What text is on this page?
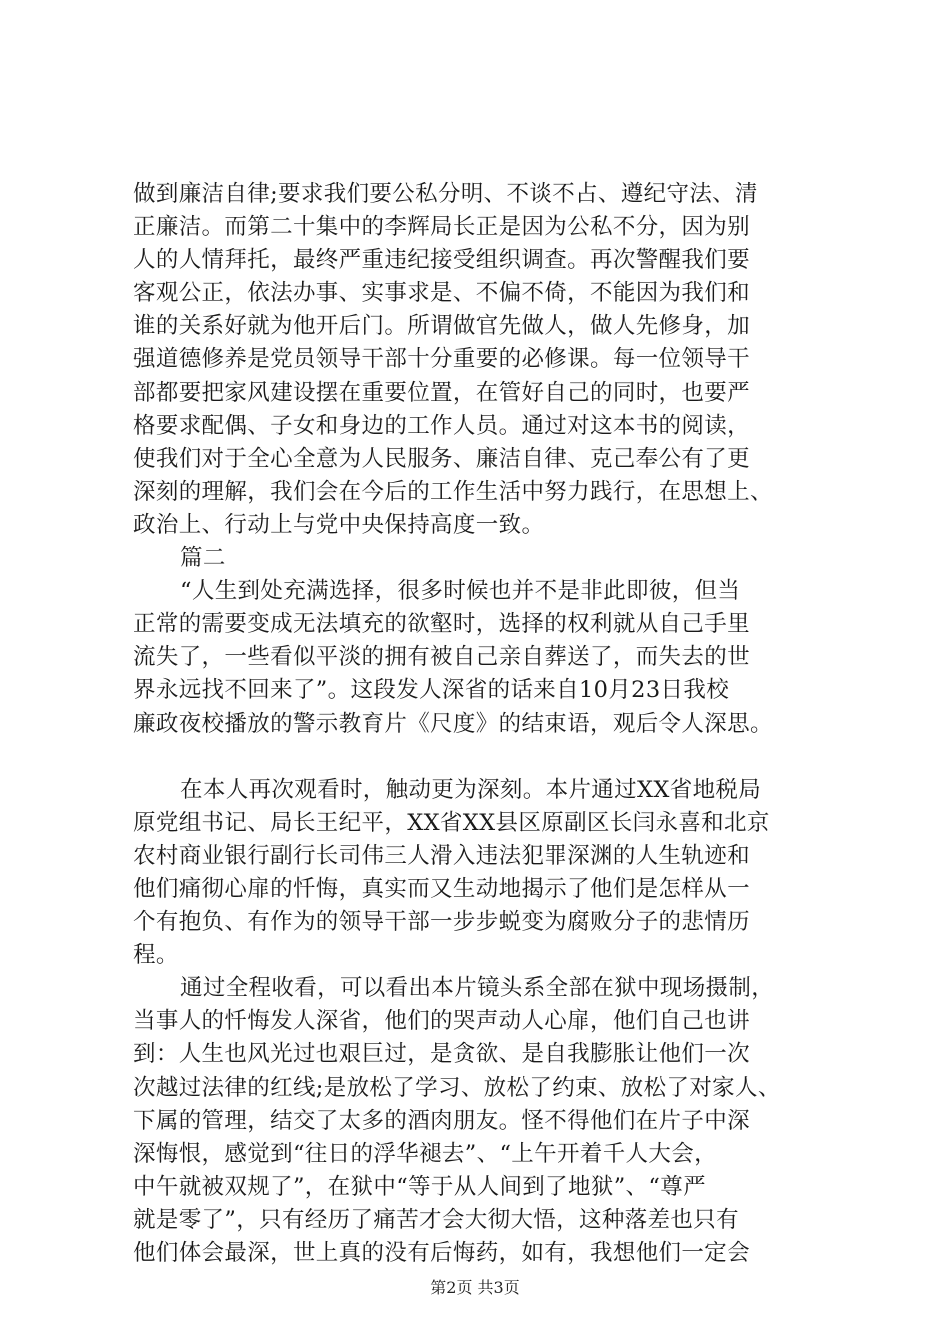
做到廉洁自律;要求我们要公私分明、不谈不占、遵纪守法、清
正廉洁。而第二十集中的李辉局长正是因为公私不分，因为别
人的人情拜托，最终严重违纪接受组织调查。再次警醒我们要
客观公正，依法办事、实事求是、不偏不倚，不能因为我们和
谁的关系好就为他开后门。所谓做官先做人，做人先修身，加
强道德修养是党员领导干部十分重要的必修课。每一位领导干
部都要把家风建设摆在重要位置，在管好自己的同时，也要严
格要求配偶、子女和身边的工作人员。通过对这本书的阅读，
使我们对于全心全意为人民服务、廉洁自律、克己奉公有了更
深刻的理解，我们会在今后的工作生活中努力践行，在思想上、
政治上、行动上与党中央保持高度一致。
篇二
“人生到处充满选择，很多时候也并不是非此即彼，但当
正常的需要变成无法填充的欲壑时，选择的权利就从自己手里
流失了，一些看似平淡的拥有被自己亲自葬送了，而失去的世
界永远找不回来了”。这段发人深省的话来自10月23日我校
廉政夜校播放的警示教育片《尺度》的结束语，观后令人深思。
在本人再次观看时，触动更为深刻。本片通过XX省地税局
原党组书记、局长王纪平，XX省XX县区原副区长闫永喜和北京
农村商业银行副行长司伟三人滑入违法犯罪深渊的人生轨迹和
他们痛彻心扉的忏悔，真实而又生动地揭示了他们是怎样从一
个有抱负、有作为的领导干部一步步蜕变为腐败分子的悲情历
程。
通过全程收看，可以看出本片镜头系全部在狱中现场摄制，
当事人的忏悔发人深省，他们的哭声动人心扉，他们自己也讲
到：人生也风光过也艰巨过，是贪欲、是自我膨胀让他们一次
次越过法律的红线;是放松了学习、放松了约束、放松了对家人、
下属的管理，结交了太多的酒肉朋友。怪不得他们在片子中深
深悔恨，感觉到“往日的浮华褪去”、“上午开着千人大会，
中午就被双规了”，在狱中“等于从人间到了地狱”、“尊严
就是零了”，只有经历了痛苦才会大彻大悟，这种落差也只有
他们体会最深，世上真的没有后悔药，如有，我想他们一定会
第2页 共3页
